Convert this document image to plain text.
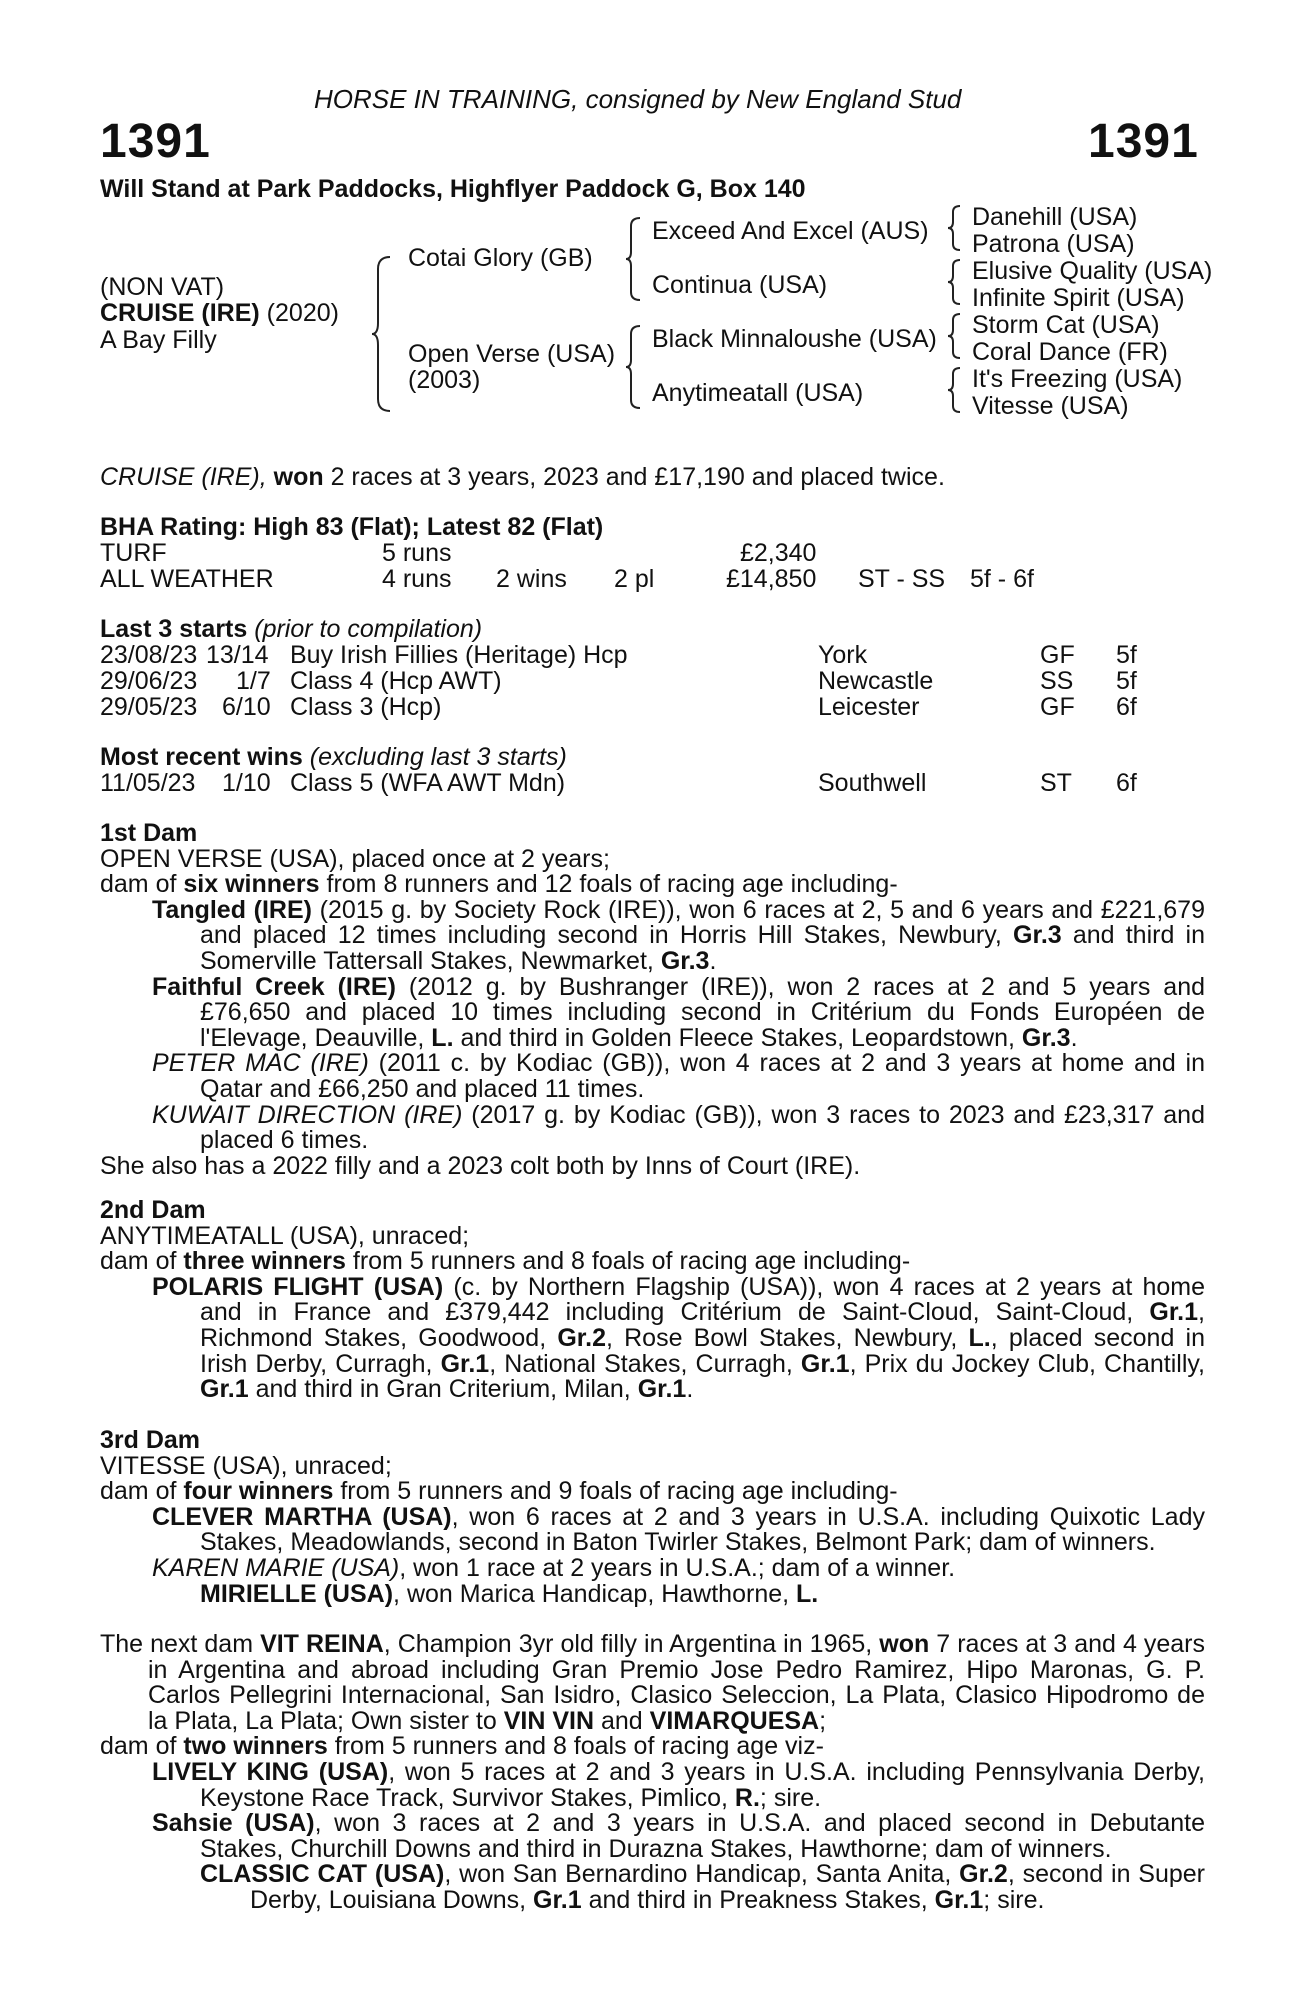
HORSE IN TRAINING, consigned by New England Stud
1391	1391
Will Stand at Park Paddocks, Highflyer Paddock G, Box 140
(NON VAT)
CRUISE (IRE) (2020)
A Bay Filly
Cotai Glory (GB)
Open Verse (USA)
(2003)
Exceed And Excel (AUS)
Continua (USA)
Black Minnaloushe (USA)
Anytimeatall (USA)
Danehill (USA)
Patrona (USA)
Elusive Quality (USA)
Infinite Spirit (USA)
Storm Cat (USA)
Coral Dance (FR)
It's Freezing (USA)
Vitesse (USA)
CRUISE (IRE), won 2 races at 3 years, 2023 and £17,190 and placed twice.
BHA Rating: High 83 (Flat); Latest 82 (Flat)
TURF	5 runs	£2,340
ALL WEATHER	4 runs 2 wins 2 pl	£14,850 ST - SS 5f - 6f
Last 3 starts (prior to compilation)
23/08/23 13/14 Buy Irish Fillies (Heritage) Hcp	York	GF 5f
29/06/23 1/7 Class 4 (Hcp AWT)	Newcastle	SS 5f
29/05/23 6/10 Class 3 (Hcp)	Leicester	GF 6f
Most recent wins (excluding last 3 starts)
11/05/23 1/10 Class 5 (WFA AWT Mdn)	Southwell	ST 6f

1st Dam

OPEN VERSE (USA), placed once at 2 years;

dam of six winners from 8 runners and 12 foals of racing age including-

Tangled (IRE) (2015 g. by Society Rock (IRE)), won 6 races at 2, 5 and 6 years and £221,679 and placed 12 times including second in Horris Hill Stakes, Newbury, Gr.3 and third in Somerville Tattersall Stakes, Newmarket, Gr.3.

Faithful Creek (IRE) (2012 g. by Bushranger (IRE)), won 2 races at 2 and 5 years and £76,650 and placed 10 times including second in Critérium du Fonds Européen de l'Elevage, Deauville, L. and third in Golden Fleece Stakes, Leopardstown, Gr.3.

PETER MAC (IRE) (2011 c. by Kodiac (GB)), won 4 races at 2 and 3 years at home and in Qatar and £66,250 and placed 11 times.

KUWAIT DIRECTION (IRE) (2017 g. by Kodiac (GB)), won 3 races to 2023 and £23,317 and placed 6 times.

She also has a 2022 filly and a 2023 colt both by Inns of Court (IRE).

2nd Dam

ANYTIMEATALL (USA), unraced;

dam of three winners from 5 runners and 8 foals of racing age including-

POLARIS FLIGHT (USA) (c. by Northern Flagship (USA)), won 4 races at 2 years at home and in France and £379,442 including Critérium de Saint-Cloud, Saint-Cloud, Gr.1, Richmond Stakes, Goodwood, Gr.2, Rose Bowl Stakes, Newbury, L., placed second in Irish Derby, Curragh, Gr.1, National Stakes, Curragh, Gr.1, Prix du Jockey Club, Chantilly, Gr.1 and third in Gran Criterium, Milan, Gr.1.

3rd Dam

VITESSE (USA), unraced;

dam of four winners from 5 runners and 9 foals of racing age including-

CLEVER MARTHA (USA), won 6 races at 2 and 3 years in U.S.A. including Quixotic Lady Stakes, Meadowlands, second in Baton Twirler Stakes, Belmont Park; dam of winners.

KAREN MARIE (USA), won 1 race at 2 years in U.S.A.; dam of a winner.

MIRIELLE (USA), won Marica Handicap, Hawthorne, L.

The next dam VIT REINA, Champion 3yr old filly in Argentina in 1965, won 7 races at 3 and 4 years in Argentina and abroad including Gran Premio Jose Pedro Ramirez, Hipo Maronas, G. P. Carlos Pellegrini Internacional, San Isidro, Clasico Seleccion, La Plata, Clasico Hipodromo de la Plata, La Plata; Own sister to VIN VIN and VIMARQUESA;

dam of two winners from 5 runners and 8 foals of racing age viz-

LIVELY KING (USA), won 5 races at 2 and 3 years in U.S.A. including Pennsylvania Derby, Keystone Race Track, Survivor Stakes, Pimlico, R.; sire.

Sahsie (USA), won 3 races at 2 and 3 years in U.S.A. and placed second in Debutante Stakes, Churchill Downs and third in Durazna Stakes, Hawthorne; dam of winners.

CLASSIC CAT (USA), won San Bernardino Handicap, Santa Anita, Gr.2, second in Super Derby, Louisiana Downs, Gr.1 and third in Preakness Stakes, Gr.1; sire.
